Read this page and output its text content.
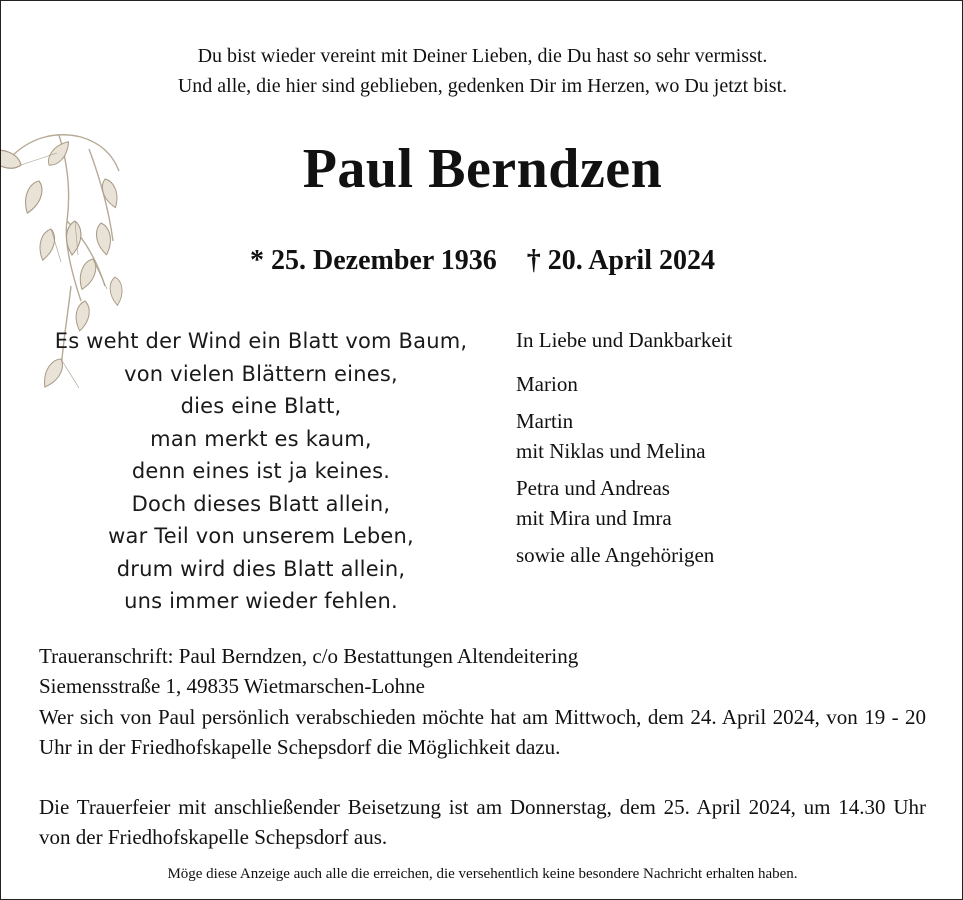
Du bist wieder vereint mit Deiner Lieben, die Du hast so sehr vermisst.
Und alle, die hier sind geblieben, gedenken Dir im Herzen, wo Du jetzt bist.
Paul Berndzen
* 25. Dezember 1936 † 20. April 2024
Es weht der Wind ein Blatt vom Baum,
von vielen Blättern eines,
dies eine Blatt,
man merkt es kaum,
denn eines ist ja keines.
Doch dieses Blatt allein,
war Teil von unserem Leben,
drum wird dies Blatt allein,
uns immer wieder fehlen.
In Liebe und Dankbarkeit
Marion
Martin
mit Niklas und Melina
Petra und Andreas
mit Mira und Imra
sowie alle Angehörigen
Traueranschrift: Paul Berndzen, c/o Bestattungen Altendeitering
Siemensstraße 1, 49835 Wietmarschen-Lohne
Wer sich von Paul persönlich verabschieden möchte hat am Mittwoch, dem 24. April 2024, von 19 - 20 Uhr in der Friedhofskapelle Schepsdorf die Möglichkeit dazu.
Die Trauerfeier mit anschließender Beisetzung ist am Donnerstag, dem 25. April 2024, um 14.30 Uhr von der Friedhofskapelle Schepsdorf aus.
Möge diese Anzeige auch alle die erreichen, die versehentlich keine besondere Nachricht erhalten haben.
